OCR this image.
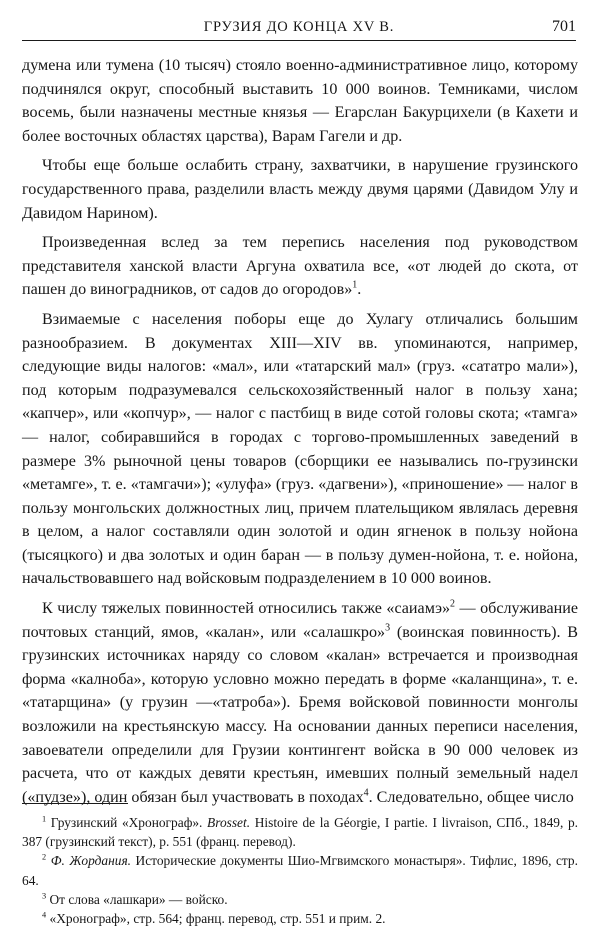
ГРУЗИЯ ДО КОНЦА XV В.	701

думена или тумена (10 тысяч) стояло военно-административное лицо, которому подчинялся округ, способный выставить 10 000 воинов. Темниками, числом восемь, были назначены местные князья — Егарслан Бакурцихели (в Кахети и более восточных областях царства), Варам Гагели и др.

Чтобы еще больше ослабить страну, захватчики, в нарушение грузинского государственного права, разделили власть между двумя царями (Давидом Улу и Давидом Нарином).

Произведенная вслед за тем перепись населения под руководством представителя ханской власти Аргуна охватила все, «от людей до скота, от пашен до виноградников, от садов до огородов»$^1$.

Взимаемые с населения поборы еще до Хулагу отличались большим разнообразием. В документах XIII—XIV вв. упоминаются, например, следующие виды налогов: «мал», или «татарский мал» (груз. «сататро мали»), под которым подразумевался сельскохозяйственный налог в пользу хана; «капчер», или «копчур», — налог с пастбищ в виде сотой головы скота; «тамга» — налог, собиравшийся в городах с торгово-промышленных заведений в размере 3% рыночной цены товаров (сборщики ее назывались по-грузински «метамге», т. е. «тамгачи»); «улуфа» (груз. «дагвени»), «приношение» — налог в пользу монгольских должностных лиц, причем плательщиком являлась деревня в целом, а налог составляли один золотой и один ягненок в пользу нойона (тысяцкого) и два золотых и один баран — в пользу думен-нойона, т. е. нойона, начальствовавшего над войсковым подразделением в 10 000 воинов.

К числу тяжелых повинностей относились также «саиамэ»$^2$ — обслуживание почтовых станций, ямов, «калан», или «салашкро»$^3$ (воинская повинность). В грузинских источниках наряду со словом «калан» встречается и производная форма «калноба», которую условно можно передать в форме «каланщина», т. е. «татарщина» (у грузин —«татроба»). Бремя войсковой повинности монголы возложили на крестьянскую массу. На основании данных переписи населения, завоеватели определили для Грузии контингент войска в 90 000 человек из расчета, что от каждых девяти крестьян, имевших полный земельный надел («пудзе»), один обязан был участвовать в походах$^4$. Следовательно, общее число

$^1$ Грузинский «Хронограф». Brosset. Histoire de la Géorgie, I partie. I livraison, СПб., 1849, p. 387 (грузинский текст), p. 551 (франц. перевод).

$^2$ Ф. Жордания. Исторические документы Шио-Мгвимского монастыря». Тифлис, 1896, стр. 64.

$^3$ От слова «лашкари» — войско.

$^4$ «Хронограф», стр. 564; франц. перевод, стр. 551 и прим. 2.
